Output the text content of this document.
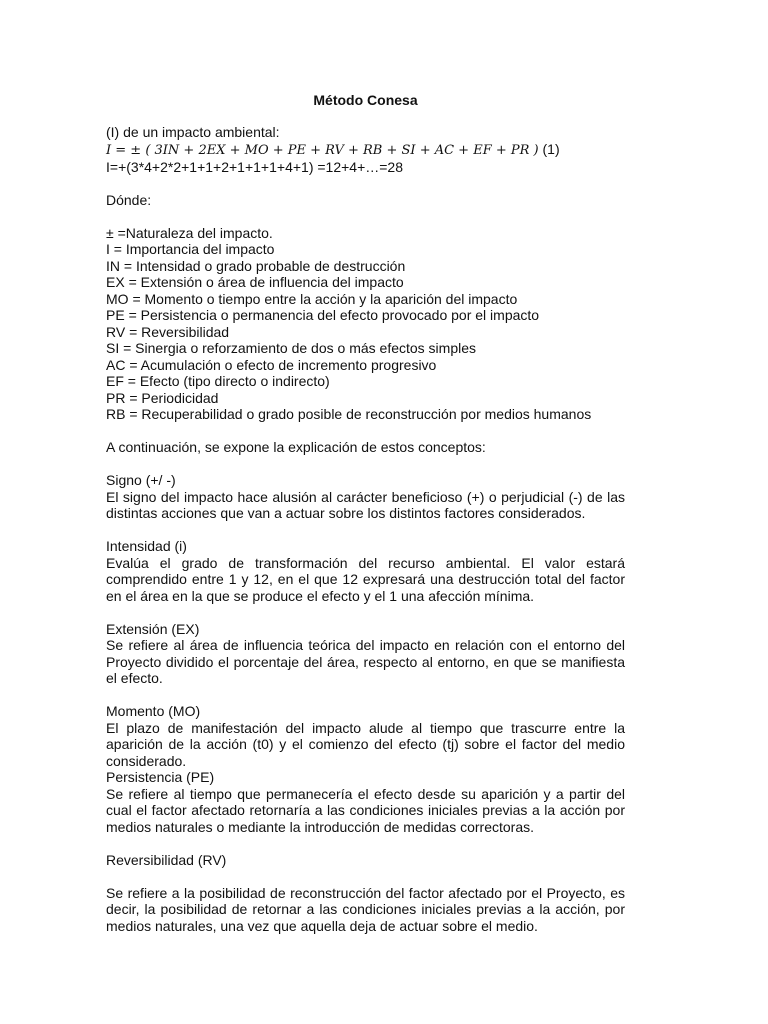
Método Conesa
(I) de un impacto ambiental:
I = ± ( 3IN + 2EX + MO + PE + RV + RB + SI + AC + EF + PR ) (1)
I=+(3*4+2*2+1+1+2+1+1+1+4+1) =12+4+…=28
Dónde:
± =Naturaleza del impacto.
I = Importancia del impacto
IN = Intensidad o grado probable de destrucción
EX = Extensión o área de influencia del impacto
MO = Momento o tiempo entre la acción y la aparición del impacto
PE = Persistencia o permanencia del efecto provocado por el impacto
RV = Reversibilidad
SI = Sinergia o reforzamiento de dos o más efectos simples
AC = Acumulación o efecto de incremento progresivo
EF = Efecto (tipo directo o indirecto)
PR = Periodicidad
RB = Recuperabilidad o grado posible de reconstrucción por medios humanos
A continuación, se expone la explicación de estos conceptos:
Signo (+/ -)
El signo del impacto hace alusión al carácter beneficioso (+) o perjudicial (-) de las distintas acciones que van a actuar sobre los distintos factores considerados.
Intensidad (i)
Evalúa el grado de transformación del recurso ambiental. El valor estará comprendido entre 1 y 12, en el que 12 expresará una destrucción total del factor en el área en la que se produce el efecto y el 1 una afección mínima.
Extensión (EX)
Se refiere al área de influencia teórica del impacto en relación con el entorno del Proyecto dividido el porcentaje del área, respecto al entorno, en que se manifiesta el efecto.
Momento (MO)
El plazo de manifestación del impacto alude al tiempo que trascurre entre la aparición de la acción (t0) y el comienzo del efecto (tj) sobre el factor del medio considerado.
Persistencia (PE)
Se refiere al tiempo que permanecería el efecto desde su aparición y a partir del cual el factor afectado retornaría a las condiciones iniciales previas a la acción por medios naturales o mediante la introducción de medidas correctoras.
Reversibilidad (RV)
Se refiere a la posibilidad de reconstrucción del factor afectado por el Proyecto, es decir, la posibilidad de retornar a las condiciones iniciales previas a la acción, por medios naturales, una vez que aquella deja de actuar sobre el medio.
